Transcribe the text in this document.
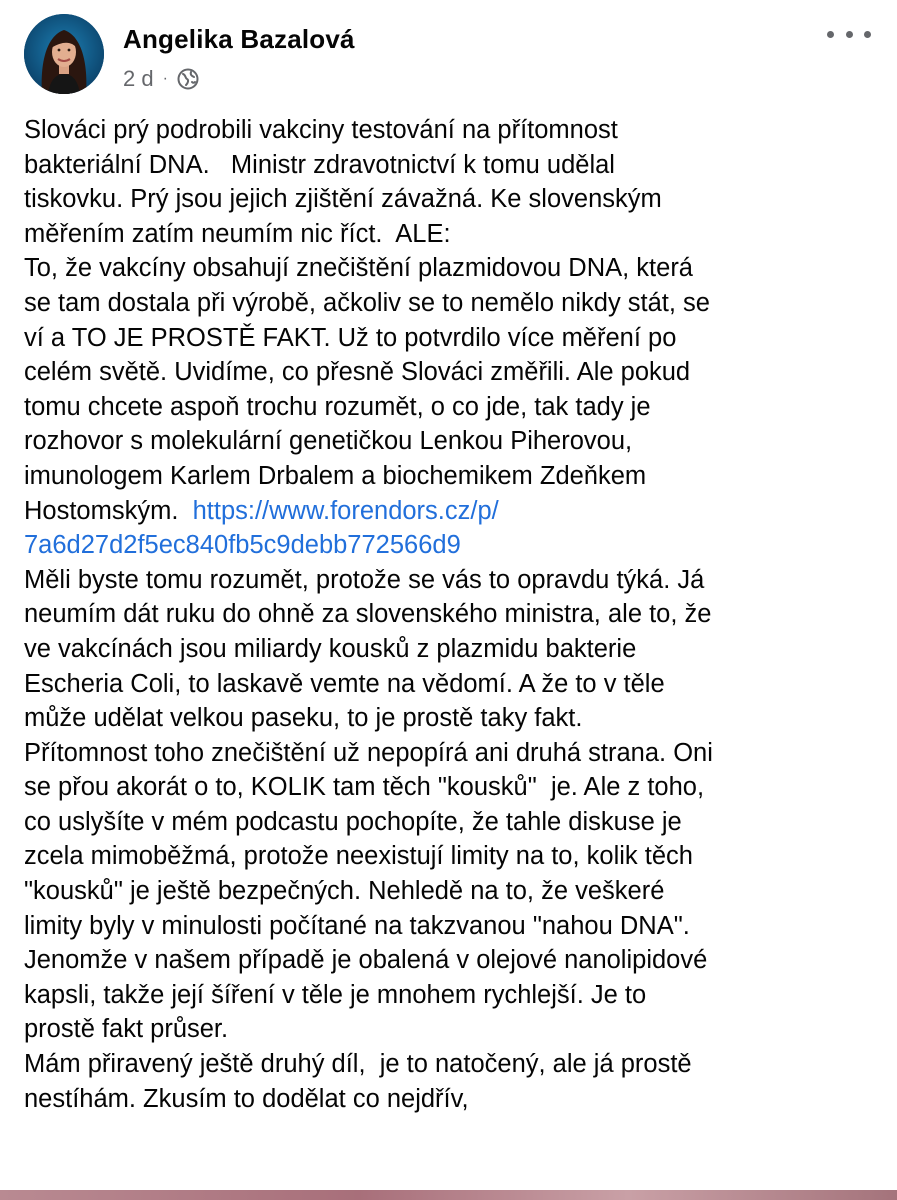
Angelika Bazalová
2 d ·
Slováci prý podrobili vakciny testování na přítomnost
bakteriální DNA.   Ministr zdravotnictví k tomu udělal
tiskovku. Prý jsou jejich zjištění závažná. Ke slovenským
měřením zatím neumím nic říct.  ALE:
To, že vakcíny obsahují znečištění plazmidovou DNA, která
se tam dostala při výrobě, ačkoliv se to nemělo nikdy stát, se
ví a TO JE PROSTĚ FAKT. Už to potvrdilo více měření po
celém světě. Uvidíme, co přesně Slováci změřili. Ale pokud
tomu chcete aspoň trochu rozumět, o co jde, tak tady je
rozhovor s molekulární genetičkou Lenkou Piherovou,
imunologem Karlem Drbalem a biochemikem Zdeňkem
Hostomským.  https://www.forendors.cz/p/
7a6d27d2f5ec840fb5c9debb772566d9
Měli byste tomu rozumět, protože se vás to opravdu týká. Já
neumím dát ruku do ohně za slovenského ministra, ale to, že
ve vakcínách jsou miliardy kousků z plazmidu bakterie
Escheria Coli, to laskavě vemte na vědomí. A že to v těle
může udělat velkou paseku, to je prostě taky fakt.
Přítomnost toho znečištění už nepopírá ani druhá strana. Oni
se přou akorát o to, KOLIK tam těch "kousků"  je. Ale z toho,
co uslyšíte v mém podcastu pochopíte, že tahle diskuse je
zcela mimoběžmá, protože neexistují limity na to, kolik těch
"kousků" je ještě bezpečných. Nehledě na to, že veškeré
limity byly v minulosti počítané na takzvanou "nahou DNA".
Jenomže v našem případě je obalená v olejové nanolipidové
kapsli, takže její šíření v těle je mnohem rychlejší. Je to
prostě fakt průser.
Mám přiravený ještě druhý díl,  je to natočený, ale já prostě
nestíhám. Zkusím to dodělat co nejdřív,
